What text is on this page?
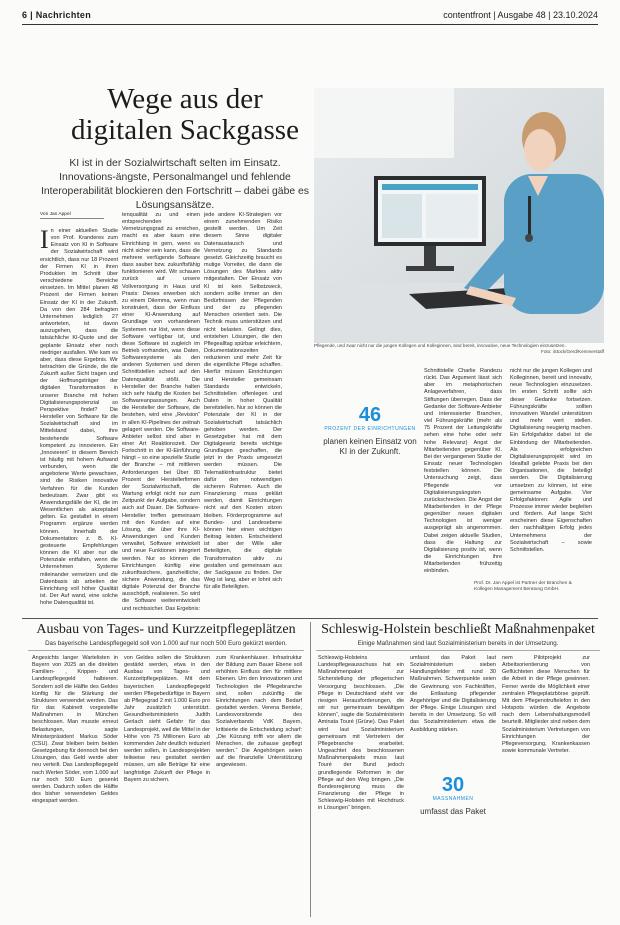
6 | Nachrichten	contentfront | Ausgabe 48 | 23.10.2024
Wege aus der
digitalen Sackgasse
KI ist in der Sozialwirtschaft selten im Einsatz. Innovations-ängste, Personalmangel und fehlende Interoperabilität blockieren den Fortschritt – dabei gäbe es Lösungsansätze.
Pflegende, und zwar nicht nur die jungen Kollegen und Kolleginnen, sind bereit, innovative, neue Technologien einzusetzen.
Foto: iStock/Gerd/Kemmerstaff
Von Jan Appel
I n einer aktuellen Studie von Prof. Kranderes zum Einsatz von KI in Software der Sozialwirtschaft wird ersichtlich, dass nur 18 Prozent der Firmen KI in ihren Produkten im Schnitt über verschiedene Bereiche einsetzen. Im Mittel planen 48 Prozent der Firmen keinen Einsatz der KI in der Zukunft. Da von den 284 befragten Unternehmen lediglich 27 antworteten, ist davon auszugehen, dass die tatsächliche KI-Quote und der geplante Einsatz eher noch niedriger ausfallen. Wie kam es aber, dass diese Ergebnis. Wir betrachten die Gründe, die die Zukunft außer Sicht tragen und der Hoffnungsträger der digitalen Transformation in unserer Branche mit hohen Digitalisierungspotenzial so Perspektive findet? Die Hersteller von Software für die Sozialwirtschaft sind im Mittelstand dabei, ihre bestehende Software kompetent zu innovieren. Ein „Innovieren“ in diesem Bereich ist häufig mit hohem Aufwand verbunden, wenn die angebotene Werte gewachsen, sind die Risiken innovative Verfahren für die Kunden bedeutsam. Zwar gibt es Anwendungsfälle der KI, die im Wesentlichen als akzeptabel gelten. Es gestaltet in einem Programm ergänze werden können. Innerhalb der Dokumentation: z. B. KI-gesteuerte Empfehlungen können die KI aber nur die Potenziale entfalten, wenn die Unternehmen Systeme miteinander vernetzen und die Datenbasis ab arbeiten der Einrichtung voll höher Qualität ist. Der Auf wand, eine solche hohe Datenqualität ist.
tenqualität zu und einen entsprechenden Vernetzungsgrad zu erreichen, macht es aber kaum eine Einrichtung in gern, wenn es nicht sicher sein kann, dass die mehrere verfügende Software dass sauber bzw. zukunftsfähig funktionieren wird. Wir schauen zurück auf unsere Vollversorgung in Haus und Praxis: Dieses erwerben sich zu einem Dilemma, wenn man konstruiert, dass der Einfluss einer KI-Anwendung auf Grundlage von vorhandenen Systemen nur löst, wenn diese Software verfügbar ist, und diese Software ist zugleich im Betrieb vorhanden, was Daten, Softwaresysteme als den anderen Systemen und deren Schnittstellen scheut auf den Datenqualität stößt. Die Hersteller der Branche halten sich sehr häufig die Kosten bei Softwareanpassungen. Auch die Hersteller der Software, die bestehen, wird eine „Revision“ in allen KI-Pipelines der zeitnah gelagert werden. Die Software-Anbieter selbst sind aber in einer Art Reaktionszeit. Der Fortschritt in der KI-Einführung hängt – so eine spezielle Studie der Branche – mit mittleren Anforderungen bei Über 80 Prozent der Herstellerfirmen der Sozialwirtschaft, die Wartung erfolgt nicht nur zum Zeitpunkt der Aufgabe, sondern auch auf Dauer. Die Software-Hersteller treffen gemeinsam mit den Kunden auf eine Lösung, die über ihre KI-Anwendungen und Kunden verwaltet, Software entwickelt und neue Funktionen integriert werden. Nur so können die Einrichtungen künftig eine zukunftssichere, ganzheitliche, sichere Anwendung, die das digitale Potenzial der Branche ausschöpft, realisieren. So wird die Software weiterentwickelt und rechtssicher. Das Ergebnis:
jede andere KI-Strategien vor einem zunehmenden Risiko gestellt werden. Um Zeit diesem Sinne digitaler Datenaustausch und Vernetzung zu Standards gesetzt. Gleichzeitig braucht es mutige Vorreiter, die dann die Lösungen des Marktes aktiv mitgestalten. Der Einsatz von KI ist kein Selbstzweck, sondern sollte immer an den Bedürfnissen der Pflegenden und der zu pflegenden Menschen orientiert sein. Die Technik muss unterstützen und nicht belasten. Gelingt dies, entstehen Lösungen, die den Pflegealltag spürbar erleichtern, Dokumentationszeiten reduzieren und mehr Zeit für die eigentliche Pflege schaffen. Hierfür müssen Einrichtungen und Hersteller gemeinsam Standards entwickeln, Schnittstellen offenlegen und Daten in hoher Qualität bereitstellen. Nur so können die Potenziale der KI in der Sozialwirtschaft tatsächlich gehoben werden. Der Gesetzgeber hat mit dem Digitalgesetz bereits wichtige Grundlagen geschaffen, die jetzt in der Praxis umgesetzt werden müssen. Die Telematikinfrastruktur bietet dafür den notwendigen sicheren Rahmen. Auch die Finanzierung muss geklärt werden, damit Einrichtungen nicht auf den Kosten sitzen bleiben. Förderprogramme auf Bundes- und Landesebene können hier einen wichtigen Beitrag leisten. Entscheidend ist aber der Wille aller Beteiligten, die digitale Transformation aktiv zu gestalten und gemeinsam aus der Sackgasse zu finden. Der Weg ist lang, aber er lohnt sich für alle Beteiligten.
46
PROZENT DER EINRICHTUNGEN
planen keinen Einsatz von KI in der Zukunft.
Schnittstelle Charlie Randezu rückt. Das Argument lässt sich aber im metaphorischen Anlageverfahren, dass Stiftungen überregen. Dass der Gedanke der Software-Anbieter und interessierter Branchen, viel Führungskräfte (mehr als 75 Prozent der Leitungskräfte sehen eine hohe oder sehr hohe Relevanz) Angst der Mitarbeitenden gegenüber KI. Bei der vergangenen Studie der Einsatz neuer Technologien feststellen können. Die Untersuchung zeigt, dass Pflegende vor Digitalisierungsängsten zurückschrecken. Die Angst der Mitarbeitenden in der Pflege gegenüber neuen digitalen Technologien ist weniger ausgeprägt als angenommen. Dabei zeigen aktuelle Studien, dass die Haltung zur Digitalisierung positiv ist, wenn die Einrichtungen ihre Mitarbeitenden frühzeitig einbinden.
nicht nur die jungen Kollegen und Kolleginnen, bereit und innovativ, neue Technologien einzusetzen. Im ersten Schritt sollte sich dieser Gedanke fortsetzen. Führungskräfte sollten innovativen Wandel unterstützen und mehr wert stellen. Digitalisierung neugierig machen. Ein Erfolgsfaktor dabei ist die Einbindung der Mitarbeitenden. Als erfolgreichen Digitalisierungsprojekt wird im Idealfall gelebte Praxis bei den Organisationen, die beteiligt werden. Die Digitalisierung umsetzen zu können, ist eine gemeinsame Aufgabe. Vier Erfolgsfaktoren: Agile und Prozesse immer wieder begleiten und fördern. Auf lange Sicht erscheinen diese Eigenschaften den nachhaltigen Erfolg jedes Unternehmens der Sozialwirtschaft – sowie Schnittstellen.
Prof. Dr. Jan Appel ist Partner der Branchen & Kollegen Management Beratung GmbH.
Ausbau von Tages- und Kurzzeitpflegeplätzen
Das bayerische Landespflegegeld soll von 1.000 auf nur noch 500 Euro gekürzt werden.
Angesichts langer Wartelisten in Bayern von 2025 an die direkten Familien- , Krippen- und Landespflegegeld halbieren. Sondern soll die Hälfte des Geldes künftig für die Stärkung der Strukturen verwendet werden. Das für das Kabinett vorgestellte Maßnahmen in München beschlossen. Man musste erneut Belastungen, sagte Ministerpräsident Markus Söder (CSU). Zwar bleiben beim beiden Gesetzgebung für dennoch bei den Lösungen, das Geld werde aber neu verteilt. Das Landespflegegeld nach Werten Söder, vom 1.000 auf nur noch 500 Euro gesenkt werden. Dadurch sollen die Hälfte des bisher verwendeten Geldes eingespart werden.
von Geldes sollen die Strukturen gestärkt werden, etwa in den Ausbau von Tages- und Kurzzeitpflegeplätzen. Mit dem bayerischen Landespflegegeld werden Pflegebedürftige in Bayern ab Pflegegrad 2 mit 1.000 Euro pro Jahr zusätzlich unterstützt. Gesundheitsministerin Judith Gerlach sieht Gefahr für das Landesprojekt, weil die Mittel in der Höhe von 75 Millionen Euro ab kommenden Jahr deutlich reduziert werden sollen, in Landesprojekten teilweise neu gestaltet werden müssen, um alle Beträge für eine langfristige Zukunft der Pflege in Bayern zu sichern.
zum Krankenhäuser. Infrastruktur der Bildung zum Bauer Ebene soll erhöhten Einfluss den für mittlere Ebenen. Um den Innovationen und Technologien die Pflegebranche sind, sollen zukünftig die Einrichtungen nach dem Bedarf gestaltet werden. Verena Bentele, Landesvorsitzende des Sozialverbands VdK Bayern, kritisierte die Entscheidung scharf: „Die Kürzung trifft vor allem die Menschen, die zuhause gepflegt werden.“ Die Angehörigen seien auf die finanzielle Unterstützung angewiesen.
Schleswig-Holstein beschließt Maßnahmenpaket
Einige Maßnahmen sind laut Sozialministerium bereits in der Umsetzung.
Schleswig-Holsteins Landespflegeausschuss hat ein Maßnahmenpaket zur Sicherstellung der pflegerischen Versorgung beschlossen. „Die Pflege in Deutschland steht vor riesigen Herausforderungen, die wir nur gemeinsam bewältigen können“, sagte die Sozialministerin Aminata Touré (Grüne). Das Paket wird laut Sozialministerium gemeinsam mit Vertretern der Pflegebranche erarbeitet. Ungeachtet des beschlossenen Maßnahmenpakets muss laut Touré der Bund jedoch grundlegende Reformen in der Pflege auf den Weg bringen. „Die Bundesregierung muss die Finanzierung der Pflege in Schleswig-Holstein mit Hochdruck in Lösungen“ bringen.
umfasst das Paket laut Sozialministerium sieben Handlungsfelder mit rund 30 Maßnahmen. Schwerpunkte seien die Gewinnung von Fachkräften, die Entlastung pflegender Angehöriger und die Digitalisierung der Pflege. Einige Lösungen sind bereits in der Umsetzung. So will das Sozialministerium etwa die Ausbildung stärken.
30
MASSNAHMEN
umfasst das Paket
nem Pilotprojekt zur Arbeitsorientierung von Geflüchteten diese Menschen für die Arbeit in der Pflege gewinnen. Ferner werde die Möglichkeit einer zentralen Pflegeplatzbörse geprüft. Mit dem Pflegenotruftelefon in den Hotspots würden die Angebote nach dem Lebenshaltungsmodell beurteilt. Mitglieder sind neben dem Sozialministerium Vertretungen von Einrichtungen der Pflegeversorgung, Krankenkassen sowie kommunale Vertreter.
